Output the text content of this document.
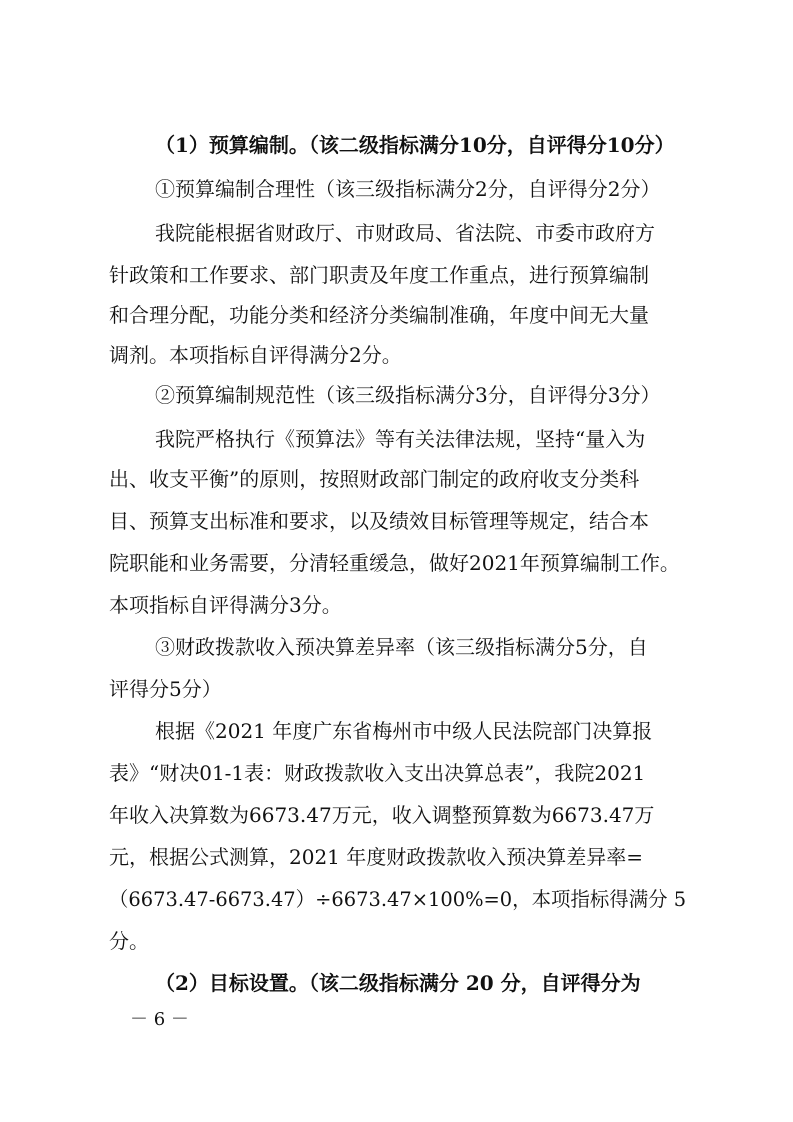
（1）预算编制。（该二级指标满分10分，自评得分10分）
①预算编制合理性（该三级指标满分2分，自评得分2分）
我院能根据省财政厅、市财政局、省法院、市委市政府方
针政策和工作要求、部门职责及年度工作重点，进行预算编制
和合理分配，功能分类和经济分类编制准确，年度中间无大量
调剂。本项指标自评得满分2分。
②预算编制规范性（该三级指标满分3分，自评得分3分）
我院严格执行《预算法》等有关法律法规，坚持“量入为
出、收支平衡”的原则，按照财政部门制定的政府收支分类科
目、预算支出标准和要求，以及绩效目标管理等规定，结合本
院职能和业务需要，分清轻重缓急，做好2021年预算编制工作。
本项指标自评得满分3分。
③财政拨款收入预决算差异率（该三级指标满分5分，自
评得分5分）
根据《2021 年度广东省梅州市中级人民法院部门决算报
表》“财决01-1表：财政拨款收入支出决算总表”，我院2021
年收入决算数为6673.47万元，收入调整预算数为6673.47万
元，根据公式测算，2021 年度财政拨款收入预决算差异率=
（6673.47-6673.47）÷6673.47×100%=0，本项指标得满分 5
分。
（2）目标设置。（该二级指标满分 20 分，自评得分为
－ 6 －
